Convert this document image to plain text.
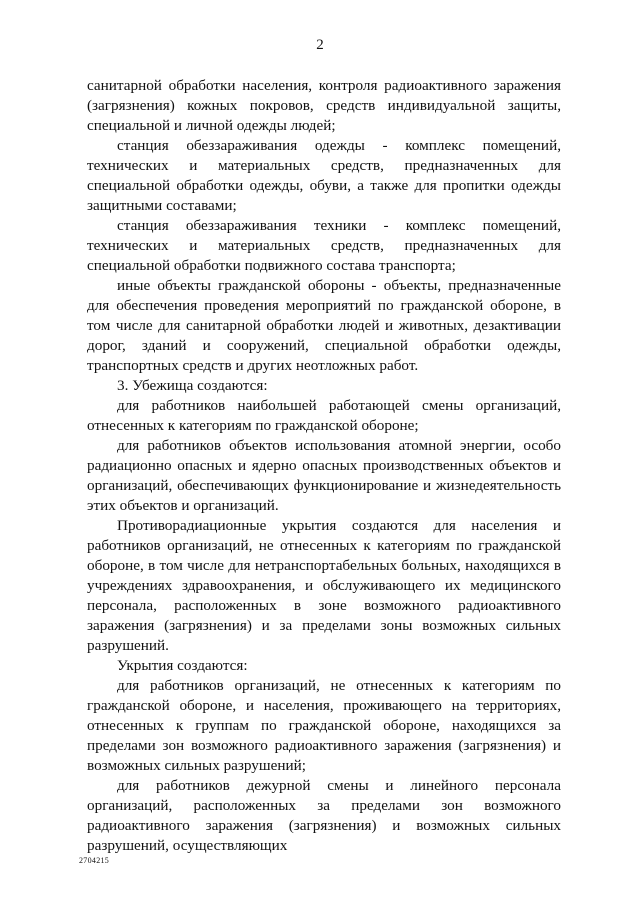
2

санитарной обработки населения, контроля радиоактивного заражения (загрязнения) кожных покровов, средств индивидуальной защиты, специальной и личной одежды людей;

станция обеззараживания одежды - комплекс помещений, технических и материальных средств, предназначенных для специальной обработки одежды, обуви, а также для пропитки одежды защитными составами;

станция обеззараживания техники - комплекс помещений, технических и материальных средств, предназначенных для специальной обработки подвижного состава транспорта;

иные объекты гражданской обороны - объекты, предназначенные для обеспечения проведения мероприятий по гражданской обороне, в том числе для санитарной обработки людей и животных, дезактивации дорог, зданий и сооружений, специальной обработки одежды, транспортных средств и других неотложных работ.

3. Убежища создаются:

для работников наибольшей работающей смены организаций, отнесенных к категориям по гражданской обороне;

для работников объектов использования атомной энергии, особо радиационно опасных и ядерно опасных производственных объектов и организаций, обеспечивающих функционирование и жизнедеятельность этих объектов и организаций.

Противорадиационные укрытия создаются для населения и работников организаций, не отнесенных к категориям по гражданской обороне, в том числе для нетранспортабельных больных, находящихся в учреждениях здравоохранения, и обслуживающего их медицинского персонала, расположенных в зоне возможного радиоактивного заражения (загрязнения) и за пределами зоны возможных сильных разрушений.

Укрытия создаются:

для работников организаций, не отнесенных к категориям по гражданской обороне, и населения, проживающего на территориях, отнесенных к группам по гражданской обороне, находящихся за пределами зон возможного радиоактивного заражения (загрязнения) и возможных сильных разрушений;

для работников дежурной смены и линейного персонала организаций, расположенных за пределами зон возможного радиоактивного заражения (загрязнения) и возможных сильных разрушений, осуществляющих

2704215
